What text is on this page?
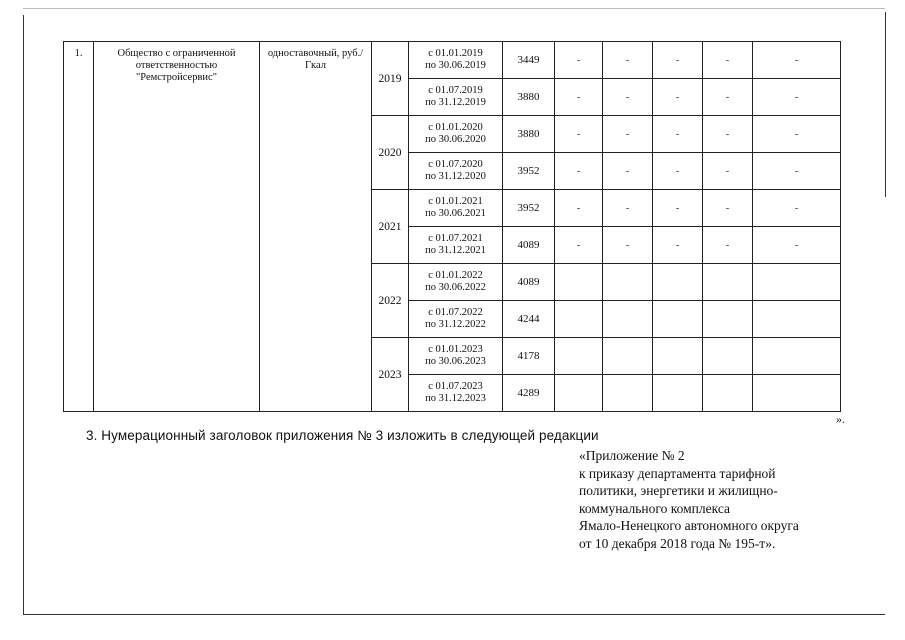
1.	Общество с ограниченной ответственностью "Ремстройсервис"	одноставочный, руб./Гкал	2019	с 01.01.2019
по 30.06.2019	3449	-	-	-	-	-

				с 01.07.2019
по 31.12.2019	3880	-	-	-	-	-
			2020	с 01.01.2020
по 30.06.2020	3880	-	-	-	-	-

				с 01.07.2020
по 31.12.2020	3952	-	-	-	-	-
			2021	с 01.01.2021
по 30.06.2021	3952	-	-	-	-	-

				с 01.07.2021
по 31.12.2021	4089	-	-	-	-	-
			2022	с 01.01.2022
по 30.06.2022	4089					

				с 01.07.2022
по 31.12.2022	4244					
			2023	с 01.01.2023
по 30.06.2023	4178					

				с 01.07.2023
по 31.12.2023	4289					
».
3. Нумерационный заголовок приложения № 3 изложить в следующей редакции
«Приложение № 2
к приказу департамента тарифной
политики, энергетики и жилищно-
коммунального комплекса
Ямало-Ненецкого автономного округа
от 10 декабря 2018 года № 195-т».
